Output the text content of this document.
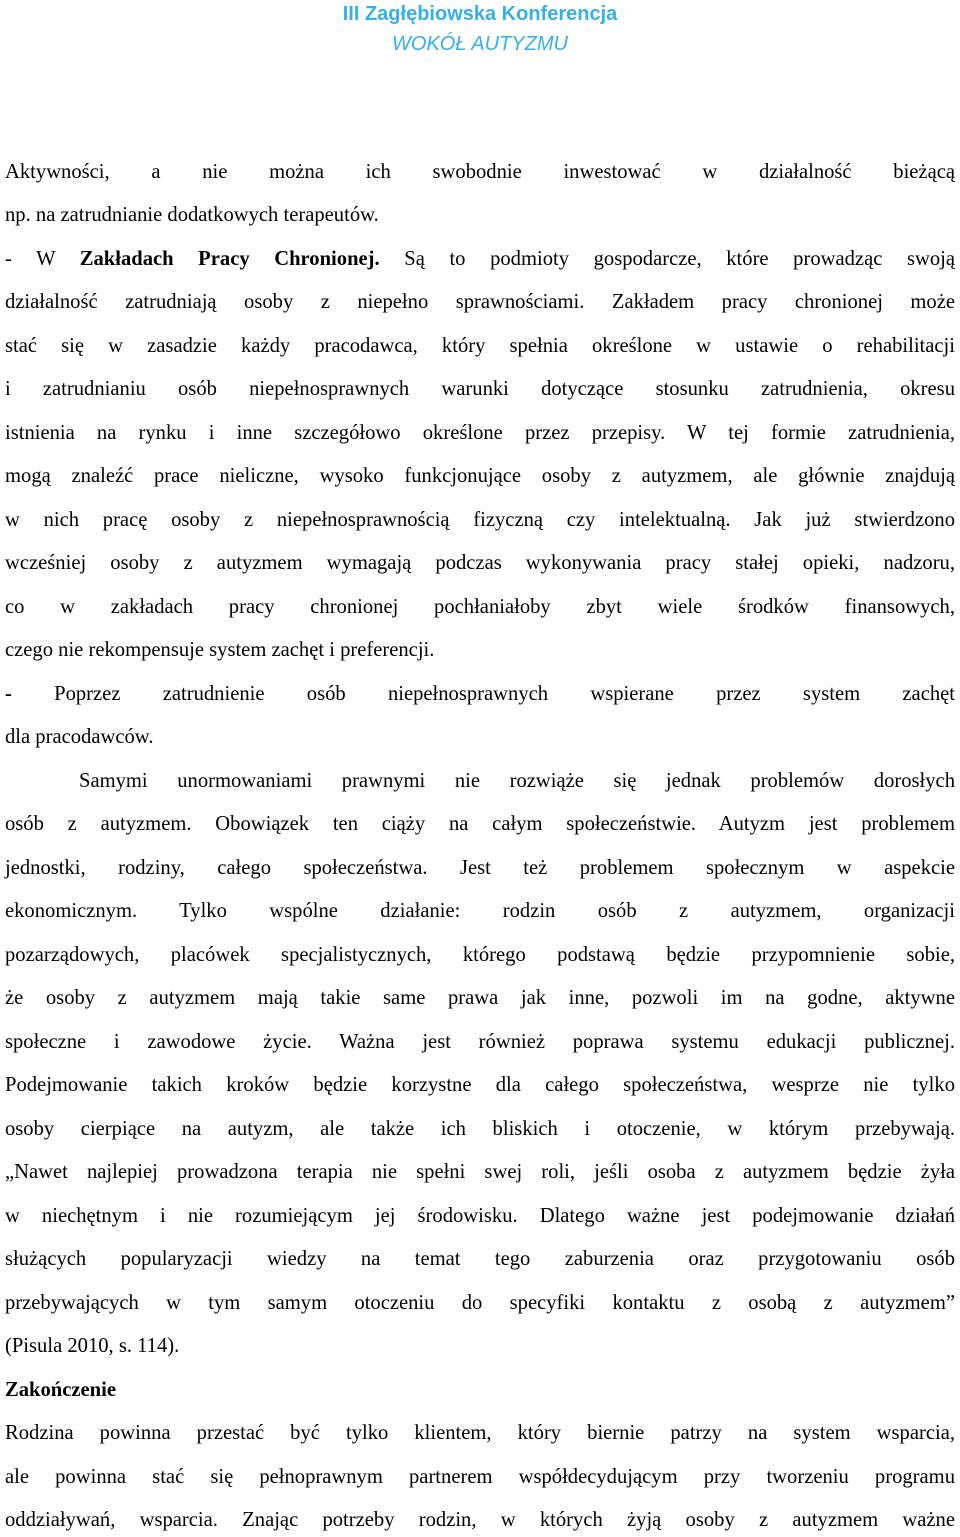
III Zagłębiowska Konferencja
WOKÓŁ AUTYZMU
Aktywności, a nie można ich swobodnie inwestować w działalność bieżącą
np. na zatrudnianie dodatkowych terapeutów.
- W Zakładach Pracy Chronionej. Są to podmioty gospodarcze, które prowadząc swoją
działalność zatrudniają osoby z niepełno sprawnościami. Zakładem pracy chronionej może
stać się w zasadzie każdy pracodawca, który spełnia określone w ustawie o rehabilitacji
i zatrudnianiu osób niepełnosprawnych warunki dotyczące stosunku zatrudnienia, okresu
istnienia na rynku i inne szczegółowo określone przez przepisy. W tej formie zatrudnienia,
mogą znaleźć prace nieliczne, wysoko funkcjonujące osoby z autyzmem, ale głównie znajdują
w nich pracę osoby z niepełnosprawnością fizyczną czy intelektualną. Jak już stwierdzono
wcześniej osoby z autyzmem wymagają podczas wykonywania pracy stałej opieki, nadzoru,
co w zakładach pracy chronionej pochłaniałoby zbyt wiele środków finansowych,
czego nie rekompensuje system zachęt i preferencji.
- Poprzez zatrudnienie osób niepełnosprawnych wspierane przez system zachęt
dla pracodawców.
Samymi unormowaniami prawnymi nie rozwiąże się jednak problemów dorosłych
osób z autyzmem. Obowiązek ten ciąży na całym społeczeństwie. Autyzm jest problemem
jednostki, rodziny, całego społeczeństwa. Jest też problemem społecznym w aspekcie
ekonomicznym. Tylko wspólne działanie: rodzin osób z autyzmem, organizacji
pozarządowych, placówek specjalistycznych, którego podstawą będzie przypomnienie sobie,
że osoby z autyzmem mają takie same prawa jak inne, pozwoli im na godne, aktywne
społeczne i zawodowe życie. Ważna jest również poprawa systemu edukacji publicznej.
Podejmowanie takich kroków będzie korzystne dla całego społeczeństwa, wesprze nie tylko
osoby cierpiące na autyzm, ale także ich bliskich i otoczenie, w którym przebywają.
„Nawet najlepiej prowadzona terapia nie spełni swej roli, jeśli osoba z autyzmem będzie żyła
w niechętnym i nie rozumiejącym jej środowisku. Dlatego ważne jest podejmowanie działań
służących popularyzacji wiedzy na temat tego zaburzenia oraz przygotowaniu osób
przebywających w tym samym otoczeniu do specyfiki kontaktu z osobą z autyzmem”
(Pisula 2010, s. 114).
Zakończenie
Rodzina powinna przestać być tylko klientem, który biernie patrzy na system wsparcia,
ale powinna stać się pełnoprawnym partnerem współdecydującym przy tworzeniu programu
oddziaływań, wsparcia. Znając potrzeby rodzin, w których żyją osoby z autyzmem ważne
